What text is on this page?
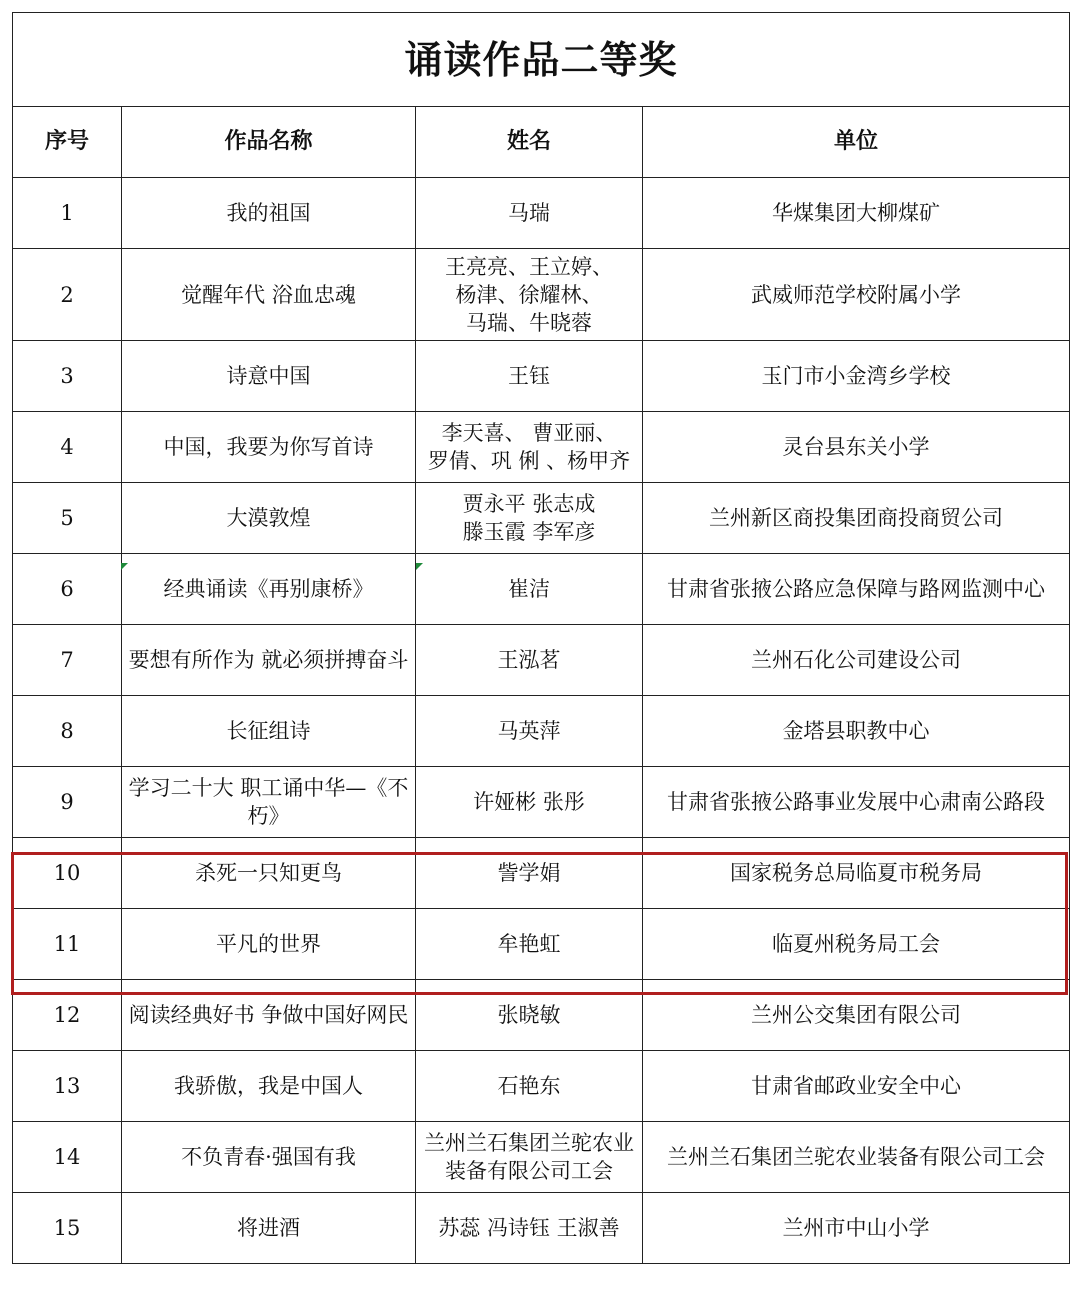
诵读作品二等奖			
序号	作品名称	姓名	单位
1	我的祖国	马瑞	华煤集团大柳煤矿
2	觉醒年代 浴血忠魂	王亮亮、王立婷、
杨津、徐耀林、
马瑞、牛晓蓉	武威师范学校附属小学
3	诗意中国	王钰	玉门市小金湾乡学校
4	中国，我要为你写首诗	李天喜、 曹亚丽、
罗倩、巩 俐 、杨甲齐	灵台县东关小学
5	大漠敦煌	贾永平 张志成
滕玉霞 李军彦	兰州新区商投集团商投商贸公司
6	经典诵读《再别康桥》	崔洁	甘肃省张掖公路应急保障与路网监测中心
7	要想有所作为 就必须拼搏奋斗	王泓茗	兰州石化公司建设公司
8	长征组诗	马英萍	金塔县职教中心
9	学习二十大 职工诵中华—《不朽》	许娅彬 张彤	甘肃省张掖公路事业发展中心肃南公路段
10	杀死一只知更鸟	訾学娟	国家税务总局临夏市税务局
11	平凡的世界	牟艳虹	临夏州税务局工会
12	阅读经典好书 争做中国好网民	张晓敏	兰州公交集团有限公司
13	我骄傲，我是中国人	石艳东	甘肃省邮政业安全中心
14	不负青春·强国有我	兰州兰石集团兰驼农业装备有限公司工会	兰州兰石集团兰驼农业装备有限公司工会
15	将进酒	苏蕊 冯诗钰 王淑善	兰州市中山小学
